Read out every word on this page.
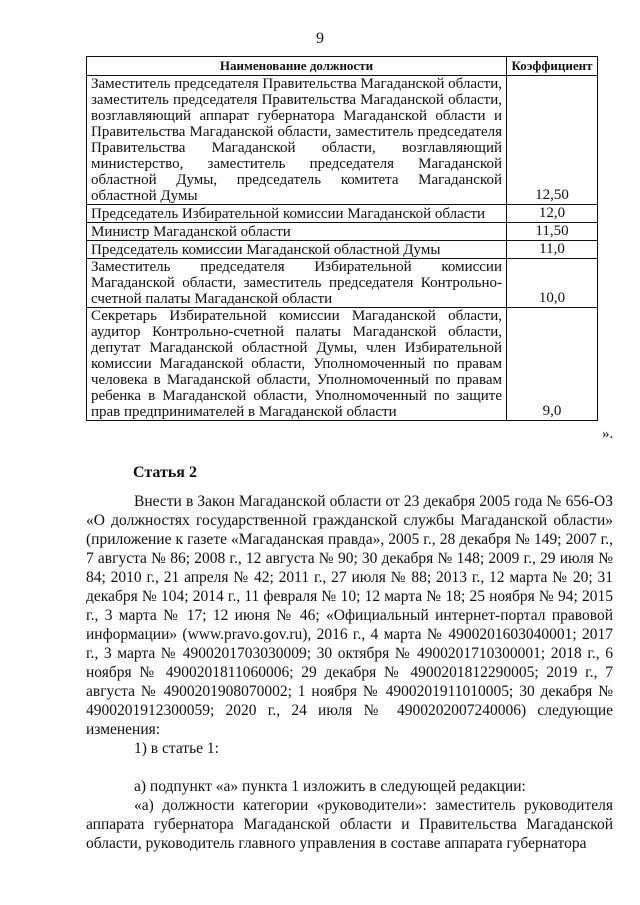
9
Наименование должности	Коэффициент
Заместитель председателя Правительства Магаданской области, заместитель председателя Правительства Магаданской области, возглавляющий аппарат губернатора Магаданской области и Правительства Магаданской области, заместитель председателя Правительства Магаданской области, возглавляющий министерство, заместитель председателя Магаданской областной Думы, председатель комитета Магаданской областной Думы	12,50
Председатель Избирательной комиссии Магаданской области	12,0
Министр Магаданской области	11,50
Председатель комиссии Магаданской областной Думы	11,0
Заместитель председателя Избирательной комиссии Магаданской области, заместитель председателя Контрольно-счетной палаты Магаданской области	10,0
Секретарь Избирательной комиссии Магаданской области, аудитор Контрольно-счетной палаты Магаданской области, депутат Магаданской областной Думы, член Избирательной комиссии Магаданской области, Уполномоченный по правам человека в Магаданской области, Уполномоченный по правам ребенка в Магаданской области, Уполномоченный по защите прав предпринимателей в Магаданской области	9,0
».
Статья 2
Внести в Закон Магаданской области от 23 декабря 2005 года № 656-ОЗ «О должностях государственной гражданской службы Магаданской области» (приложение к газете «Магаданская правда», 2005 г., 28 декабря № 149; 2007 г., 7 августа № 86; 2008 г., 12 августа № 90; 30 декабря № 148; 2009 г., 29 июля № 84; 2010 г., 21 апреля № 42; 2011 г., 27 июля № 88; 2013 г., 12 марта № 20; 31 декабря № 104; 2014 г., 11 февраля № 10; 12 марта № 18; 25 ноября № 94; 2015 г., 3 марта № 17; 12 июня № 46; «Официальный интернет-портал правовой информации» (www.pravo.gov.ru), 2016 г., 4 марта № 4900201603040001; 2017 г., 3 марта № 4900201703030009; 30 октября № 4900201710300001; 2018 г., 6 ноября № 4900201811060006; 29 декабря № 4900201812290005; 2019 г., 7 августа № 4900201908070002; 1 ноября № 4900201911010005; 30 декабря № 4900201912300059; 2020 г., 24 июля № 4900202007240006) следующие изменения:
1) в статье 1:
а) подпункт «а» пункта 1 изложить в следующей редакции:
«а) должности категории «руководители»: заместитель руководителя аппарата губернатора Магаданской области и Правительства Магаданской области, руководитель главного управления в составе аппарата губернатора
